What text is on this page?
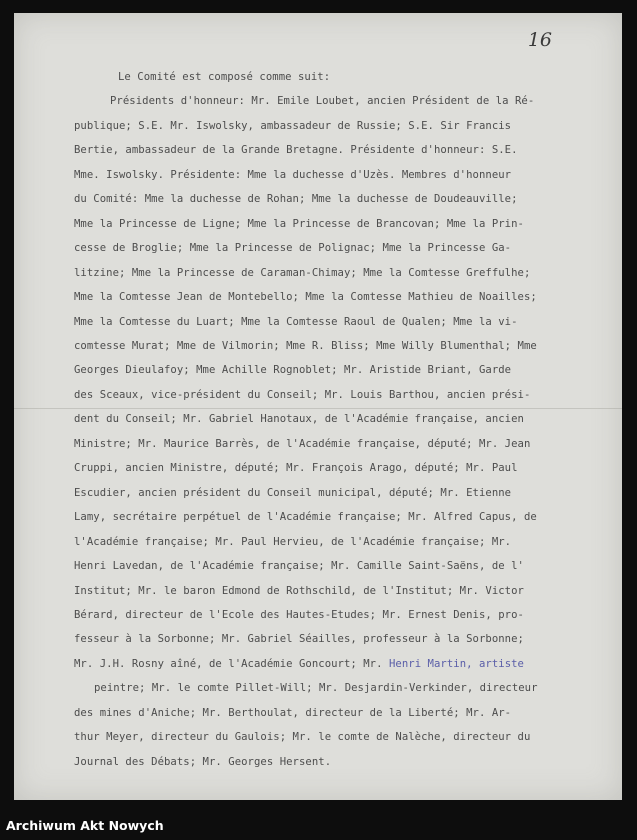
16
Le Comité est composé comme suit:
Présidents d'honneur: Mr. Emile Loubet, ancien Président de la Ré-
publique; S.E. Mr. Iswolsky, ambassadeur de Russie; S.E. Sir Francis
Bertie, ambassadeur de la Grande Bretagne. Présidente d'honneur: S.E.
Mme. Iswolsky. Présidente: Mme la duchesse d'Uzès. Membres d'honneur
du Comité: Mme la duchesse de Rohan; Mme la duchesse de Doudeauville;
Mme la Princesse de Ligne; Mme la Princesse de Brancovan; Mme la Prin-
cesse de Broglie; Mme la Princesse de Polignac; Mme la Princesse Ga-
litzine; Mme la Princesse de Caraman-Chimay; Mme la Comtesse Greffulhe;
Mme la Comtesse Jean de Montebello; Mme la Comtesse Mathieu de Noailles;
Mme la Comtesse du Luart; Mme la Comtesse Raoul de Qualen; Mme la vi-
comtesse Murat; Mme de Vilmorin; Mme R. Bliss; Mme Willy Blumenthal; Mme
Georges Dieulafoy; Mme Achille Rognoblet; Mr. Aristide Briant, Garde
des Sceaux, vice-président du Conseil; Mr. Louis Barthou, ancien prési-
dent du Conseil; Mr. Gabriel Hanotaux, de l'Académie française, ancien
Ministre; Mr. Maurice Barrès, de l'Académie française, député; Mr. Jean
Cruppi, ancien Ministre, député; Mr. François Arago, député; Mr. Paul
Escudier, ancien président du Conseil municipal, député; Mr. Etienne
Lamy, secrétaire perpétuel de l'Académie française; Mr. Alfred Capus, de
l'Académie française; Mr. Paul Hervieu, de l'Académie française; Mr.
Henri Lavedan, de l'Académie française; Mr. Camille Saint-Saëns, de l'
Institut; Mr. le baron Edmond de Rothschild, de l'Institut; Mr. Victor
Bérard, directeur de l'Ecole des Hautes-Etudes; Mr. Ernest Denis, pro-
fesseur à la Sorbonne; Mr. Gabriel Séailles, professeur à la Sorbonne;
Mr. J.H. Rosny aîné, de l'Académie Goncourt; Mr. Henri Martin, artiste
peintre; Mr. le comte Pillet-Will; Mr. Desjardin-Verkinder, directeur
des mines d'Aniche; Mr. Berthoulat, directeur de la Liberté; Mr. Ar-
thur Meyer, directeur du Gaulois; Mr. le comte de Nalèche, directeur du
Journal des Débats; Mr. Georges Hersent.
Archiwum Akt Nowych
